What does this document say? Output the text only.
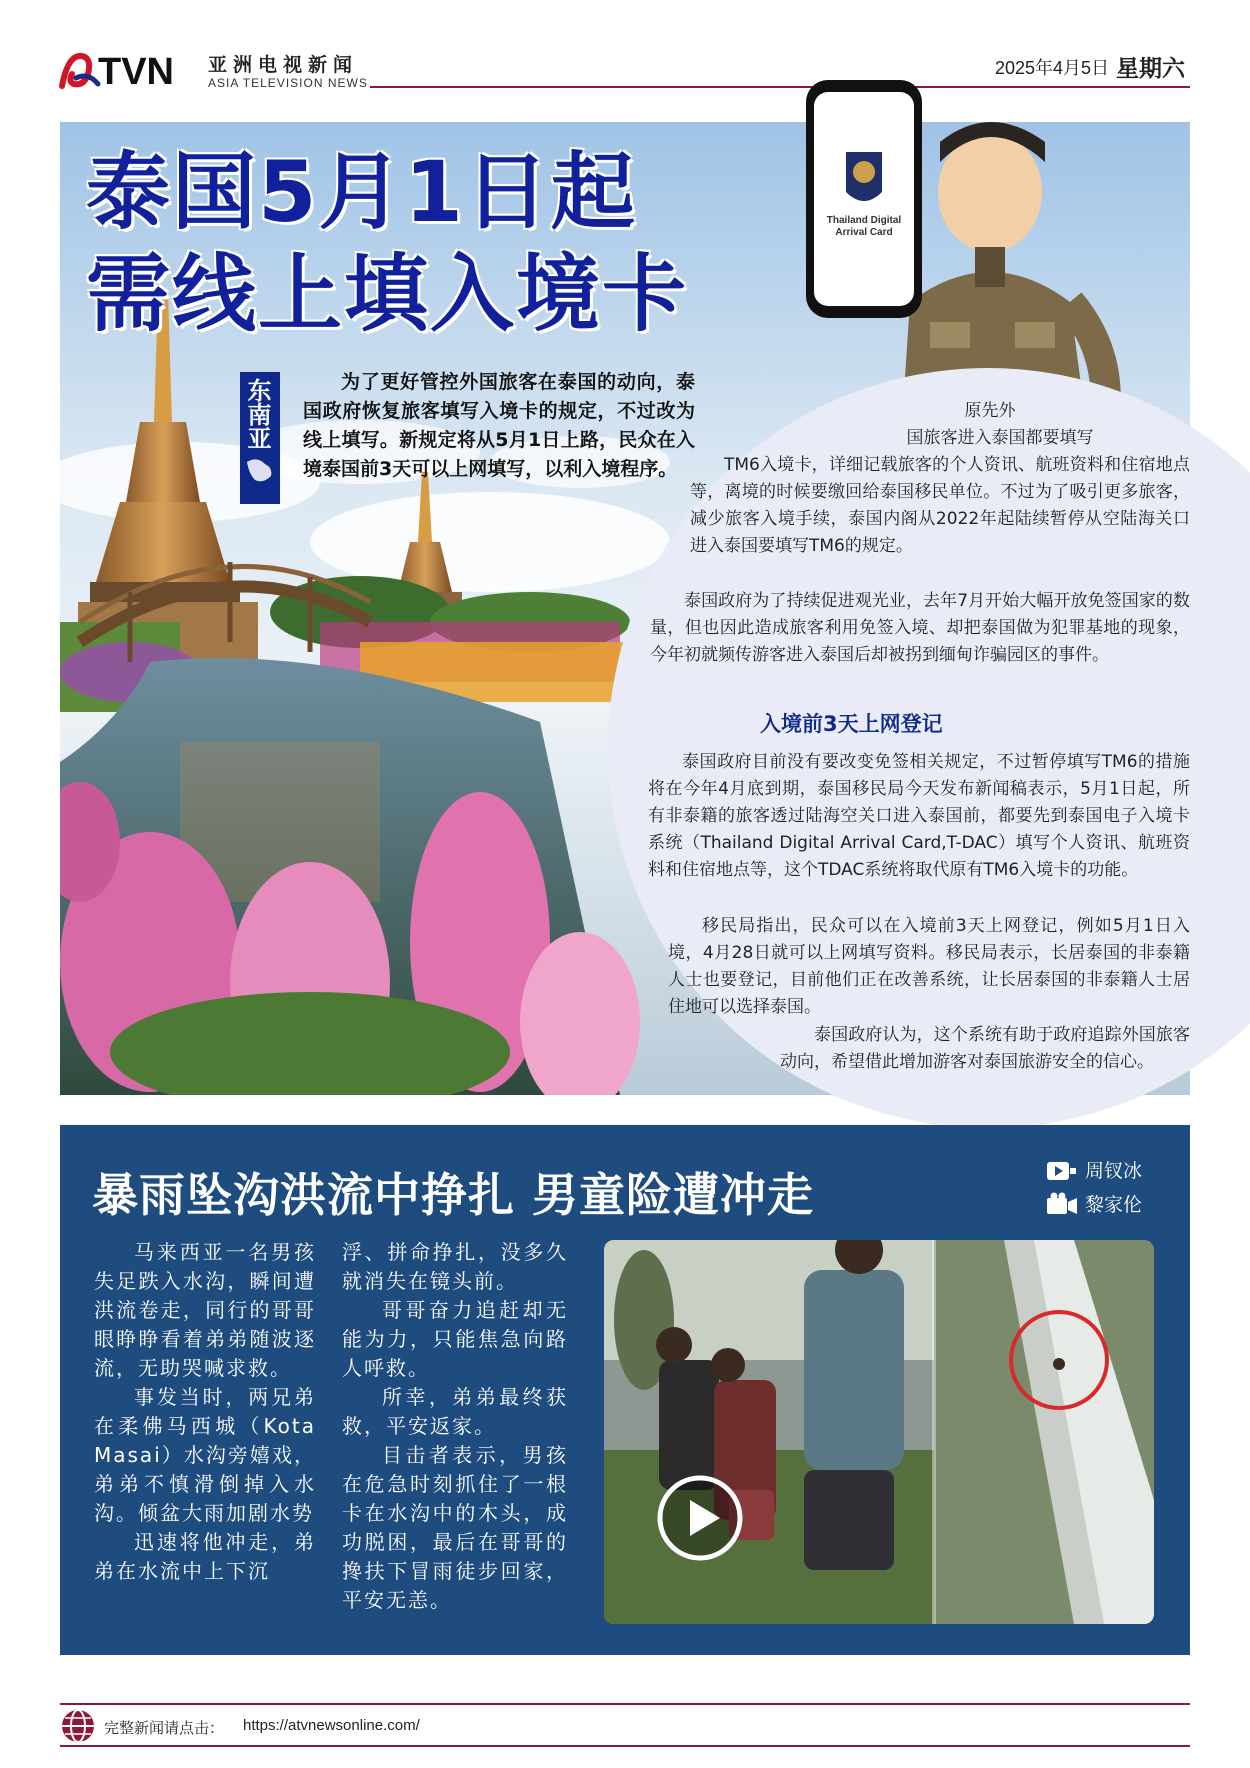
TVN 亚洲电视新闻
ASIA TELEVISION NEWS
2025年4月5日 星期六
Thailand Digital Arrival Card
泰国5月1日起
需线上填入境卡
东南亚	为了更好管控外国旅客在泰国的动向，泰国政府恢复旅客填写入境卡的规定，不过改为线上填写。新规定将从5月1日上路，民众在入境泰国前3天可以上网填写，以利入境程序。
原先外
国旅客进入泰国都要填写
TM6入境卡，详细记载旅客的个人资讯、航班资料和住宿地点等，离境的时候要缴回给泰国移民单位。不过为了吸引更多旅客，减少旅客入境手续，泰国内阁从2022年起陆续暂停从空陆海关口进入泰国要填写TM6的规定。
泰国政府为了持续促进观光业，去年7月开始大幅开放免签国家的数量，但也因此造成旅客利用免签入境、却把泰国做为犯罪基地的现象，今年初就频传游客进入泰国后却被拐到缅甸诈骗园区的事件。
入境前3天上网登记
泰国政府目前没有要改变免签相关规定，不过暂停填写TM6的措施将在今年4月底到期，泰国移民局今天发布新闻稿表示，5月1日起，所有非泰籍的旅客透过陆海空关口进入泰国前，都要先到泰国电子入境卡系统（Thailand Digital Arrival Card,T-DAC）填写个人资讯、航班资料和住宿地点等，这个TDAC系统将取代原有TM6入境卡的功能。
移民局指出，民众可以在入境前3天上网登记，例如5月1日入境，4月28日就可以上网填写资料。移民局表示，长居泰国的非泰籍人士也要登记，目前他们正在改善系统，让长居泰国的非泰籍人士居住地可以选择泰国。
泰国政府认为，这个系统有助于政府追踪外国旅客动向，希望借此增加游客对泰国旅游安全的信心。
暴雨坠沟洪流中挣扎 男童险遭冲走	周钗冰
黎家伦

马来西亚一名男孩失足跌入水沟，瞬间遭洪流卷走，同行的哥哥眼睁睁看着弟弟随波逐流，无助哭喊求救。

事发当时，两兄弟在柔佛马西城（Kota Masai）水沟旁嬉戏，弟弟不慎滑倒掉入水沟。倾盆大雨加剧水势

迅速将他冲走，弟弟在水流中上下沉

浮、拼命挣扎，没多久就消失在镜头前。

哥哥奋力追赶却无能为力，只能焦急向路人呼救。

所幸，弟弟最终获救，平安返家。

目击者表示，男孩在危急时刻抓住了一根卡在水沟中的木头，成功脱困，最后在哥哥的搀扶下冒雨徒步回家，平安无恙。

完整新闻请点击： https://atvnewsonline.com/
